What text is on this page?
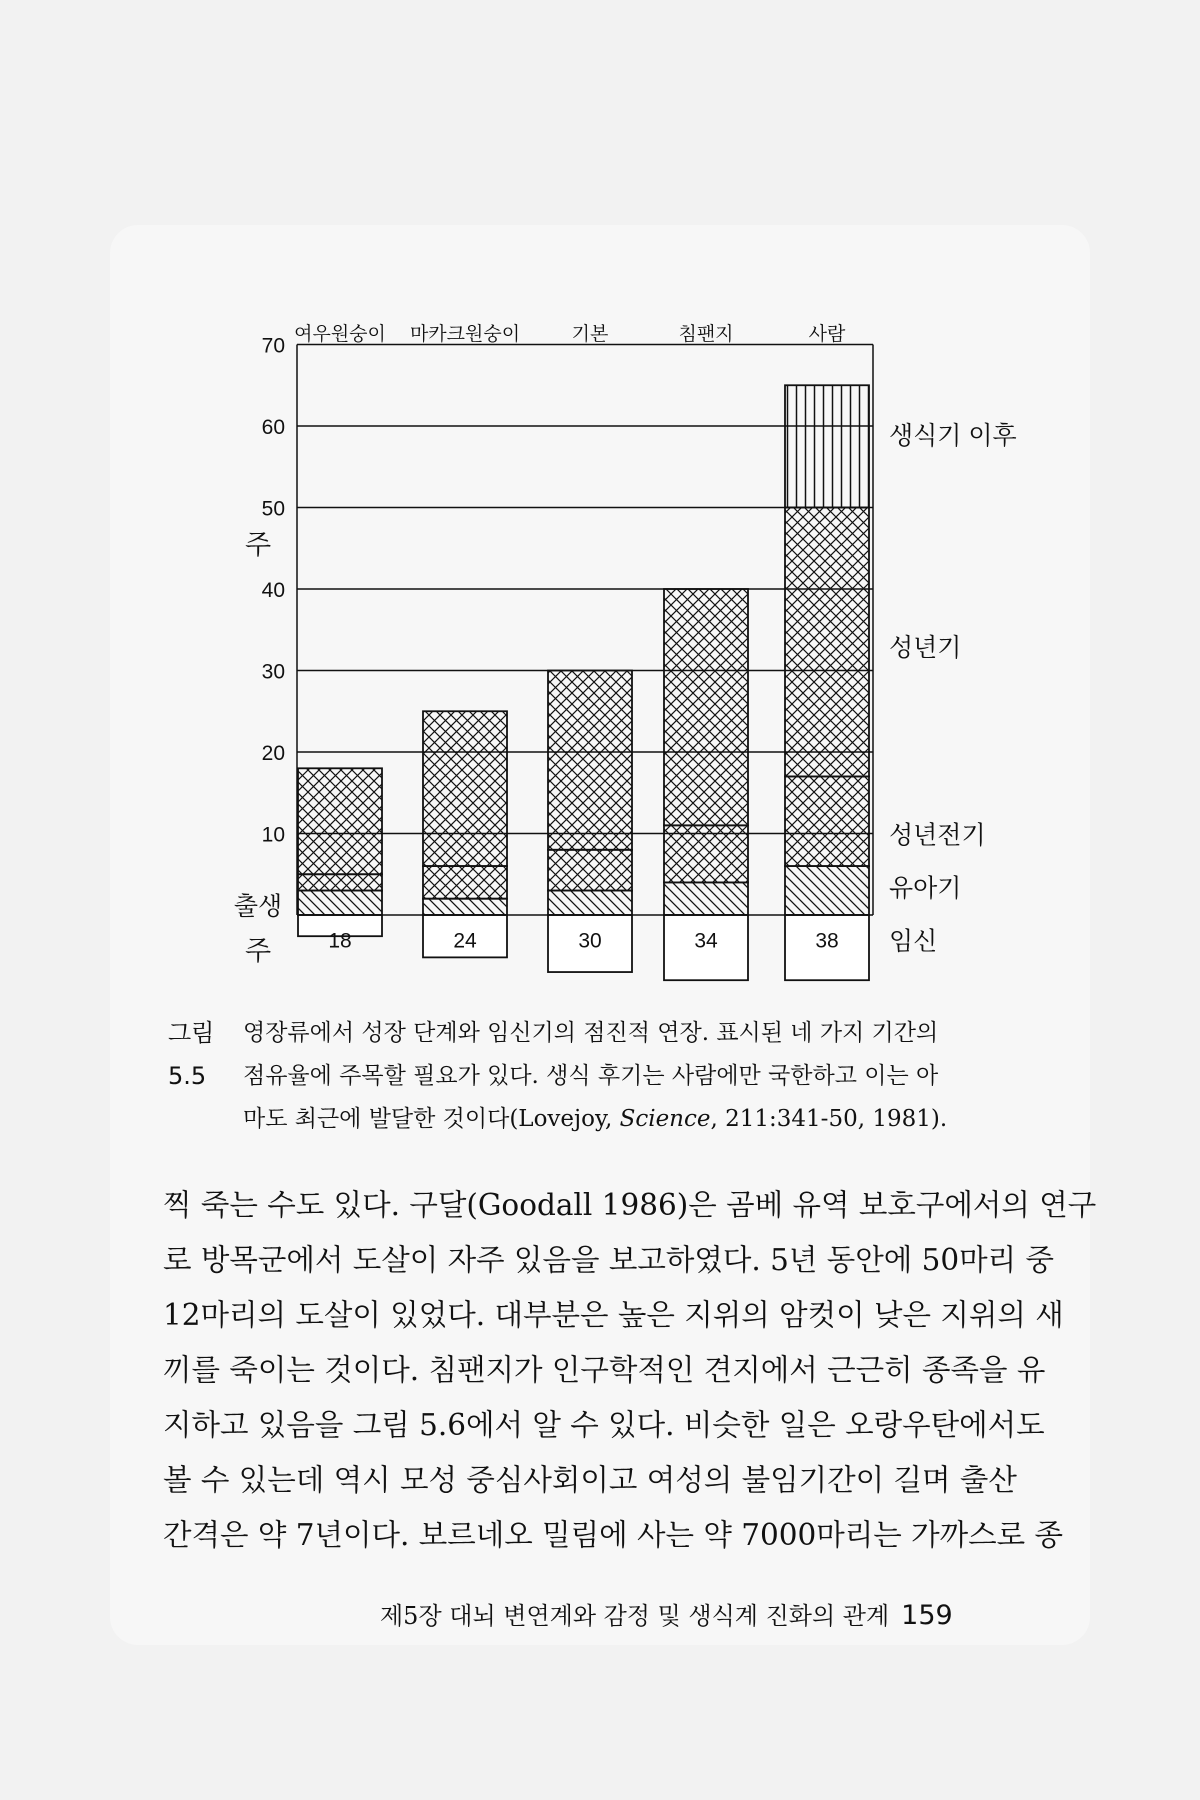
10
20
30
40
50
60
70
주
출생
주
여우원숭이
18
마카크원숭이
24
기본
30
침팬지
34
사람
38
생식기 이후
성년기
성년전기
유아기
임신
그림 5.5
영장류에서 성장 단계와 임신기의 점진적 연장. 표시된 네 가지 기간의
점유율에 주목할 필요가 있다. 생식 후기는 사람에만 국한하고 이는 아
마도 최근에 발달한 것이다(Lovejoy, Science, 211:341-50, 1981).
찍 죽는 수도 있다. 구달(Goodall 1986)은 곰베 유역 보호구에서의 연구
로 방목군에서 도살이 자주 있음을 보고하였다. 5년 동안에 50마리 중
12마리의 도살이 있었다. 대부분은 높은 지위의 암컷이 낮은 지위의 새
끼를 죽이는 것이다. 침팬지가 인구학적인 견지에서 근근히 종족을 유
지하고 있음을 그림 5.6에서 알 수 있다. 비슷한 일은 오랑우탄에서도
볼 수 있는데 역시 모성 중심사회이고 여성의 불임기간이 길며 출산
간격은 약 7년이다. 보르네오 밀림에 사는 약 7000마리는 가까스로 종
제5장 대뇌 변연계와 감정 및 생식계 진화의 관계 159
